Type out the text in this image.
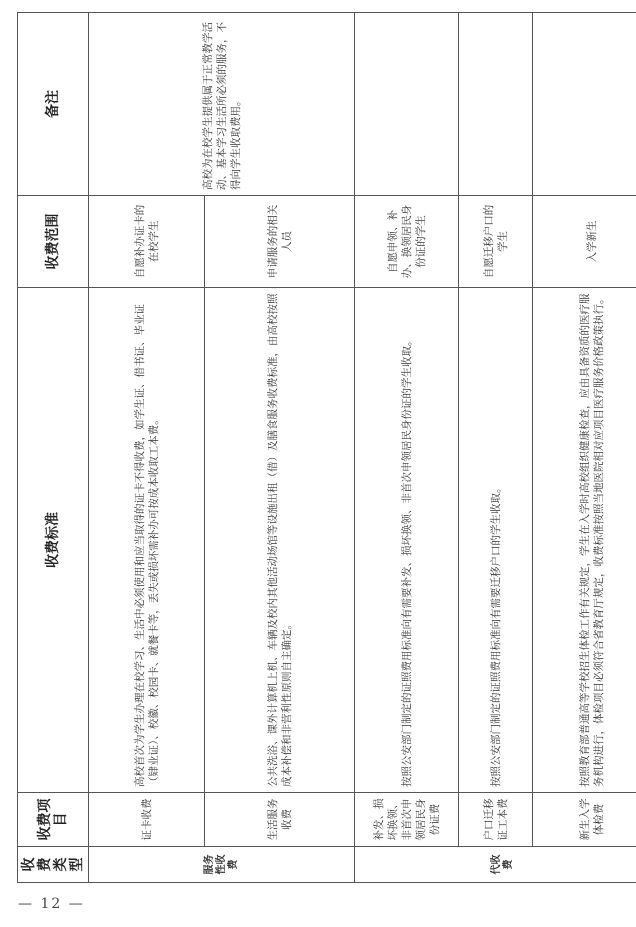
收费类型	收费项目	收费标准	收费范围	备注
服务性收费	证卡收费	高校首次为学生办理在校学习、生活中必须使用和应当取得的证卡不得收费，如学生证、借书证、毕业证（肄业证）、校徽、校园卡、就餐卡等，丢失或损坏需补办可按成本收取工本费。	自愿补办证卡的在校学生	高校为在校学生提供属于正常教学活动、基本学习生活所必须的服务，不得向学生收取费用。
	生活服务收费	公共洗浴、课外计算机上机、车辆及校内其他活动场馆等设施出租（借）及膳食服务收费标准，由高校按照成本补偿和非营利性原则自主确定。	申请服务的相关人员	
代收费	补发、损坏换领、非首次申领居民身份证费	按照公安部门制定的证照费用标准向有需要补发、损坏换领、非首次申领居民身份证的学生收取。	自愿申领、补办、换领居民身份证的学生	
	户口迁移证工本费	按照公安部门制定的证照费用标准向有需要迁移户口的学生收取。	自愿迁移户口的学生	
	新生入学体检费	按照教育部普通高等学校招生体检工作有关规定，学生在入学时高校组织健康检查，应由具备资质的医疗服务机构进行，体检项目必须符合省教育厅规定，收费标准按照当地医院相对应项目医疗服务价格政策执行。	入学新生	
— 12 —
